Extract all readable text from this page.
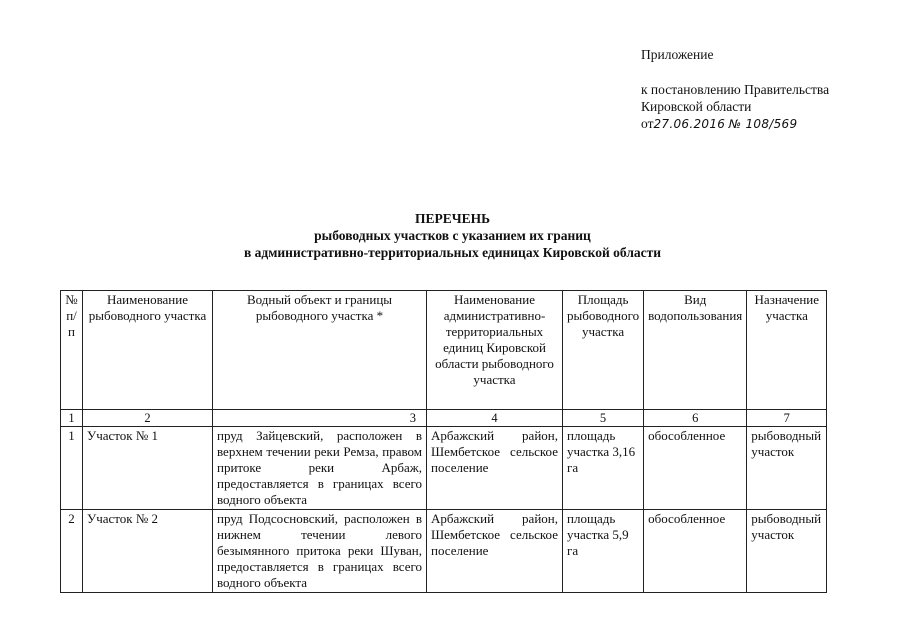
Приложение
к постановлению Правительства
Кировской области
от27.06.2016 № 108/569
ПЕРЕЧЕНЬ
рыбоводных участков с указанием их границ
в административно-территориальных единицах Кировской области
№ п/п	Наименование рыбоводного участка	Водный объект и границы рыбоводного участка *	Наименование административно-территориальных единиц Кировской области рыбоводного участка	Площадь рыбоводного участка	Вид водопользования	Назначение участка
1	2	3	4	5	6	7
1	Участок № 1	пруд Зайцевский, расположен в верхнем течении реки Ремза, правом притоке реки Арбаж, предоставляется в границах всего водного объекта	Арбажский район, Шембетское сельское поселение	площадь участка 3,16 га	обособленное	рыбоводный участок
2	Участок № 2	пруд Подсосновский, расположен в нижнем течении левого безымянного притока реки Шуван, предоставляется в границах всего водного объекта	Арбажский район, Шембетское сельское поселение	площадь участка 5,9 га	обособленное	рыбоводный участок
